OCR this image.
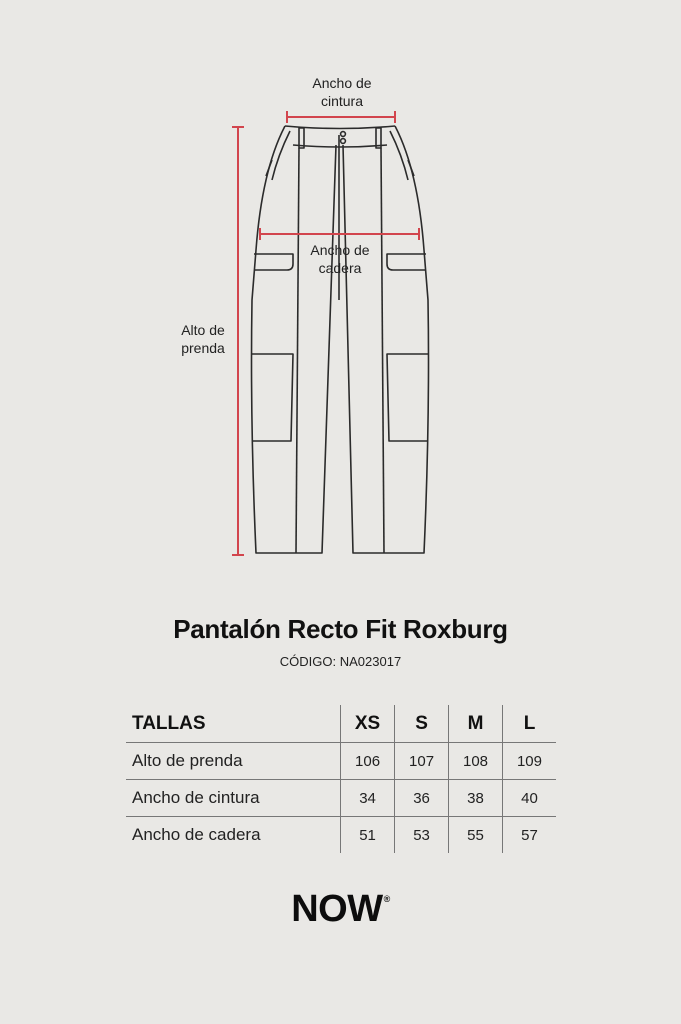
Ancho de
cintura
Ancho de
cadera
Alto de
prenda
Pantalón Recto Fit Roxburg
CÓDIGO: NA023017
TALLAS	XS	S	M	L
Alto de prenda	106	107	108	109
Ancho de cintura	34	36	38	40
Ancho de cadera	51	53	55	57
NOW®
